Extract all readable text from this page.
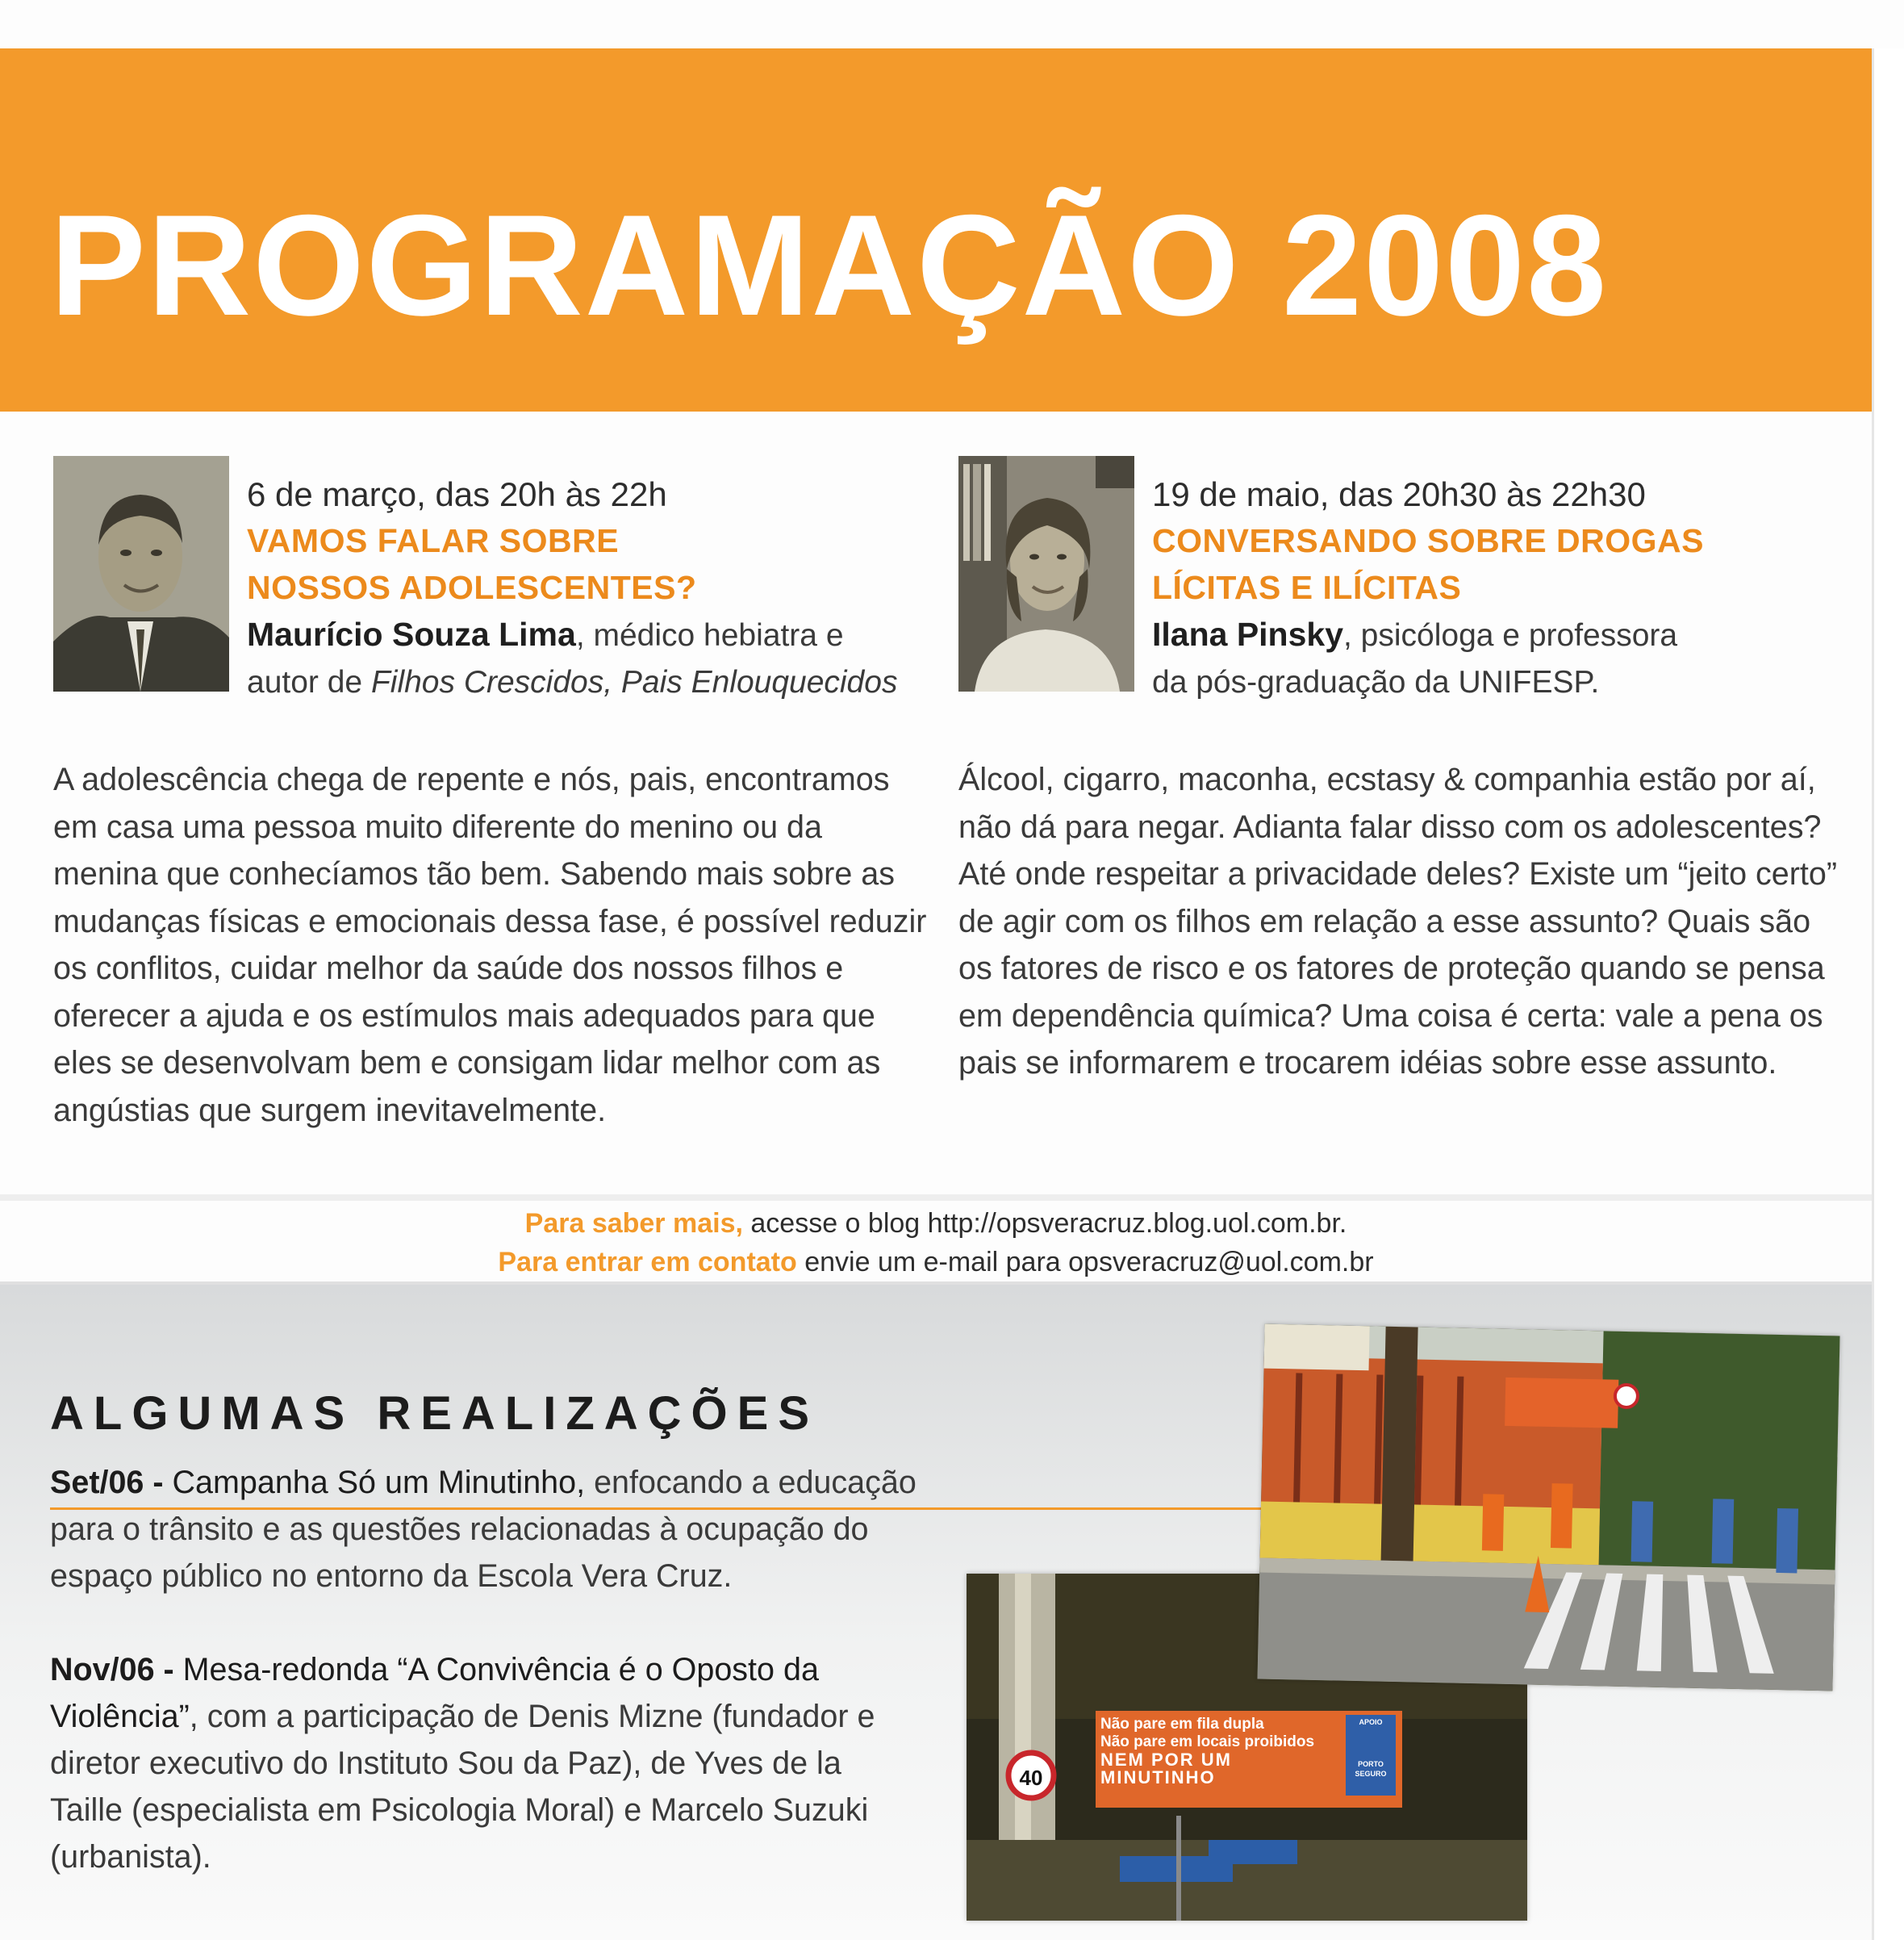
PROGRAMAÇÃO 2008
6 de março, das 20h às 22h
VAMOS FALAR SOBRE
NOSSOS ADOLESCENTES?
Maurício Souza Lima, médico hebiatra e
autor de Filhos Crescidos, Pais Enlouquecidos

A adolescência chega de repente e nós, pais, encontramos em casa uma pessoa muito diferente do menino ou da menina que conhecíamos tão bem. Sabendo mais sobre as mudanças físicas e emocionais dessa fase, é possível reduzir os conflitos, cuidar melhor da saúde dos nossos filhos e oferecer a ajuda e os estímulos mais adequados para que eles se desenvolvam bem e consigam lidar melhor com as angústias que surgem inevitavelmente.

19 de maio, das 20h30 às 22h30
CONVERSANDO SOBRE DROGAS
LÍCITAS E ILÍCITAS
Ilana Pinsky, psicóloga e professora
da pós-graduação da UNIFESP.

Álcool, cigarro, maconha, ecstasy & companhia estão por aí, não dá para negar. Adianta falar disso com os adolescentes? Até onde respeitar a privacidade deles? Existe um “jeito certo” de agir com os filhos em relação a esse assunto? Quais são os fatores de risco e os fatores de proteção quando se pensa em dependência química? Uma coisa é certa: vale a pena os pais se informarem e trocarem idéias sobre esse assunto.

Para saber mais, acesse o blog http://opsveracruz.blog.uol.com.br.
Para entrar em contato envie um e-mail para opsveracruz@uol.com.br
ALGUMAS REALIZAÇÕES

Set/06 - Campanha Só um Minutinho, enfocando a educação para o trânsito e as questões relacionadas à ocupação do espaço público no entorno da Escola Vera Cruz.

Nov/06 - Mesa-redonda “A Convivência é o Oposto da Violência”, com a participação de Denis Mizne (fundador e diretor executivo do Instituto Sou da Paz), de Yves de la Taille (especialista em Psicologia Moral) e Marcelo Suzuki (urbanista).

Não pare em fila dupla
Não pare em locais proibidos
NEM POR UM MINUTINHO
APOIO
PORTO SEGURO
40
